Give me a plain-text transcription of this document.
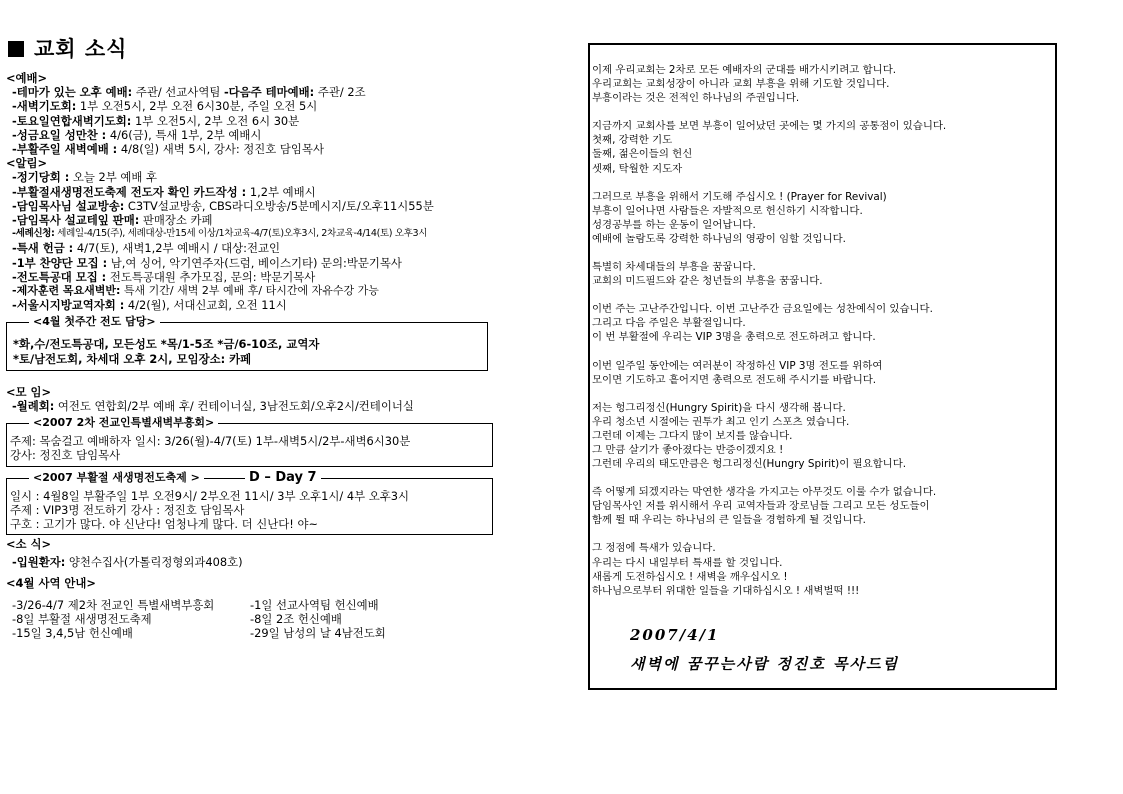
교회 소식
<예배>
-테마가 있는 오후 예배: 주관/ 선교사역팀 -다음주 테마예배: 주관/ 2조
-새벽기도회: 1부 오전5시, 2부 오전 6시30분, 주일 오전 5시
-토요일연합새벽기도회: 1부 오전5시, 2부 오전 6시 30분
-성금요일 성만찬 : 4/6(금), 특새 1부, 2부 예배시
-부활주일 새벽예배 : 4/8(일) 새벽 5시, 강사: 정진호 담임목사
<알림>
-정기당회 : 오늘 2부 예배 후
-부활절새생명전도축제 전도자 확인 카드작성 : 1,2부 예배시
-담임목사님 설교방송: C3TV설교방송, CBS라디오방송/5분메시지/토/오후11시55분
-담임목사 설교테잎 판매: 판매장소 카페
-세례신청: 세례일-4/15(주), 세례대상-만15세 이상/1차교육-4/7(토)오후3시, 2차교육-4/14(토) 오후3시
-특새 헌금 : 4/7(토), 새벽1,2부 예배시 / 대상:전교인
-1부 찬양단 모집 : 남,여 싱어, 악기연주자(드럼, 베이스기타) 문의:박문기목사
-전도특공대 모집 : 전도특공대원 추가모집, 문의: 박문기목사
-제자훈련 목요새벽반: 특새 기간/ 새벽 2부 예배 후/ 타시간에 자유수강 가능
-서울시지방교역자회 : 4/2(월), 서대신교회, 오전 11시
<4월 첫주간 전도 담당>
*화,수/전도특공대, 모든성도 *목/1-5조 *금/6-10조, 교역자
*토/남전도회, 차세대 오후 2시, 모임장소: 카페
<모 임>
-월례회: 여전도 연합회/2부 예배 후/ 컨테이너실, 3남전도회/오후2시/컨테이너실
<2007 2차 전교인특별새벽부흥회>
주제: 목숨걸고 예배하자 일시: 3/26(월)-4/7(토) 1부-새벽5시/2부-새벽6시30분
강사: 정진호 담임목사
<2007 부활절 새생명전도축제 >	D – Day 7
일시 : 4월8일 부활주일 1부 오전9시/ 2부오전 11시/ 3부 오후1시/ 4부 오후3시
주제 : VIP3명 전도하기 강사 : 정진호 담임목사
구호 : 고기가 많다. 야 신난다! 엄청나게 많다. 더 신난다! 야~
<소 식>
-입원환자: 양천수집사(가톨릭정형외과408호)
<4월 사역 안내>
-3/26-4/7 제2차 전교인 특별새벽부흥회	-1일 선교사역팀 헌신예배
-8일 부활절 새생명전도축제	-8일 2조 헌신예배
-15일 3,4,5남 헌신예배	-29일 남성의 날 4남전도회
이제 우리교회는 2차로 모든 예배자의 군대를 배가시키려고 합니다.
우리교회는 교회성장이 아니라 교회 부흥을 위해 기도할 것입니다.
부흥이라는 것은 전적인 하나님의 주권입니다.
지금까지 교회사를 보면 부흥이 일어났던 곳에는 몇 가지의 공통점이 있습니다.
첫째, 강력한 기도
둘째, 젊은이들의 헌신
셋째, 탁월한 지도자
그러므로 부흥을 위해서 기도해 주십시오 ! (Prayer for Revival)
부흥이 일어나면 사람들은 자발적으로 헌신하기 시작합니다.
성경공부를 하는 운동이 일어납니다.
예배에 놀람도록 강력한 하나님의 영광이 임할 것입니다.
특별히 차세대들의 부흥을 꿈꿉니다.
교회의 미드필드와 같은 청년들의 부흥을 꿈꿉니다.
이번 주는 고난주간입니다. 이번 고난주간 금요일에는 성찬예식이 있습니다.
그리고 다음 주일은 부활절입니다.
이 번 부활절에 우리는 VIP 3명을 총력으로 전도하려고 합니다.
이번 일주일 동안에는 여러분이 작정하신 VIP 3명 전도를 위하여
모이면 기도하고 흩어지면 총력으로 전도해 주시기를 바랍니다.
저는 헝그리정신(Hungry Spirit)을 다시 생각해 봅니다.
우리 청소년 시절에는 권투가 최고 인기 스포츠 였습니다.
그런데 이제는 그다지 많이 보지를 않습니다.
그 만큼 살기가 좋아졌다는 반증이겠지요 !
그런데 우리의 태도만큼은 헝그리정신(Hungry Spirit)이 필요합니다.
즉 어떻게 되겠지라는 막연한 생각을 가지고는 아무것도 이룰 수가 없습니다.
담임목사인 저를 위시해서 우리 교역자들과 장로님들 그리고 모든 성도들이
함께 뛸 때 우리는 하나님의 큰 일들을 경험하게 될 것입니다.
그 정점에 특새가 있습니다.
우리는 다시 내일부터 특새를 할 것입니다.
새롭게 도전하십시오 ! 새벽을 깨우십시오 !
하나님으로부터 위대한 일들을 기대하십시오 ! 새벽벌떡 !!!
2007/4/1
새벽에 꿈꾸는사람 정진호 목사드림
